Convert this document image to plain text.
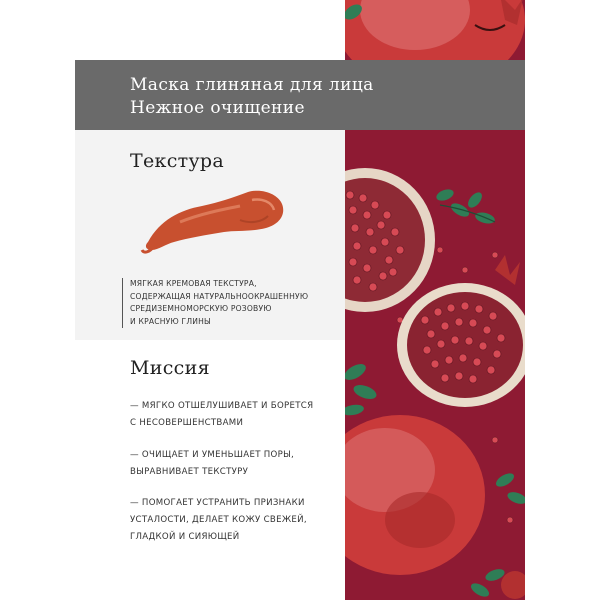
Маска глиняная для лица
Нежное очищение
Текстура
МЯГКАЯ КРЕМОВАЯ ТЕКСТУРА,
СОДЕРЖАЩАЯ НАТУРАЛЬНООКРАШЕННУЮ
СРЕДИЗЕМНОМОРСКУЮ РОЗОВУЮ
И КРАСНУЮ ГЛИНЫ
Миссия
— МЯГКО ОТШЕЛУШИВАЕТ И БОРЕТСЯ
С НЕСОВЕРШЕНСТВАМИ
— ОЧИЩАЕТ И УМЕНЬШАЕТ ПОРЫ,
ВЫРАВНИВАЕТ ТЕКСТУРУ
— ПОМОГАЕТ УСТРАНИТЬ ПРИЗНАКИ
УСТАЛОСТИ, ДЕЛАЕТ КОЖУ СВЕЖЕЙ,
ГЛАДКОЙ И СИЯЮЩЕЙ
